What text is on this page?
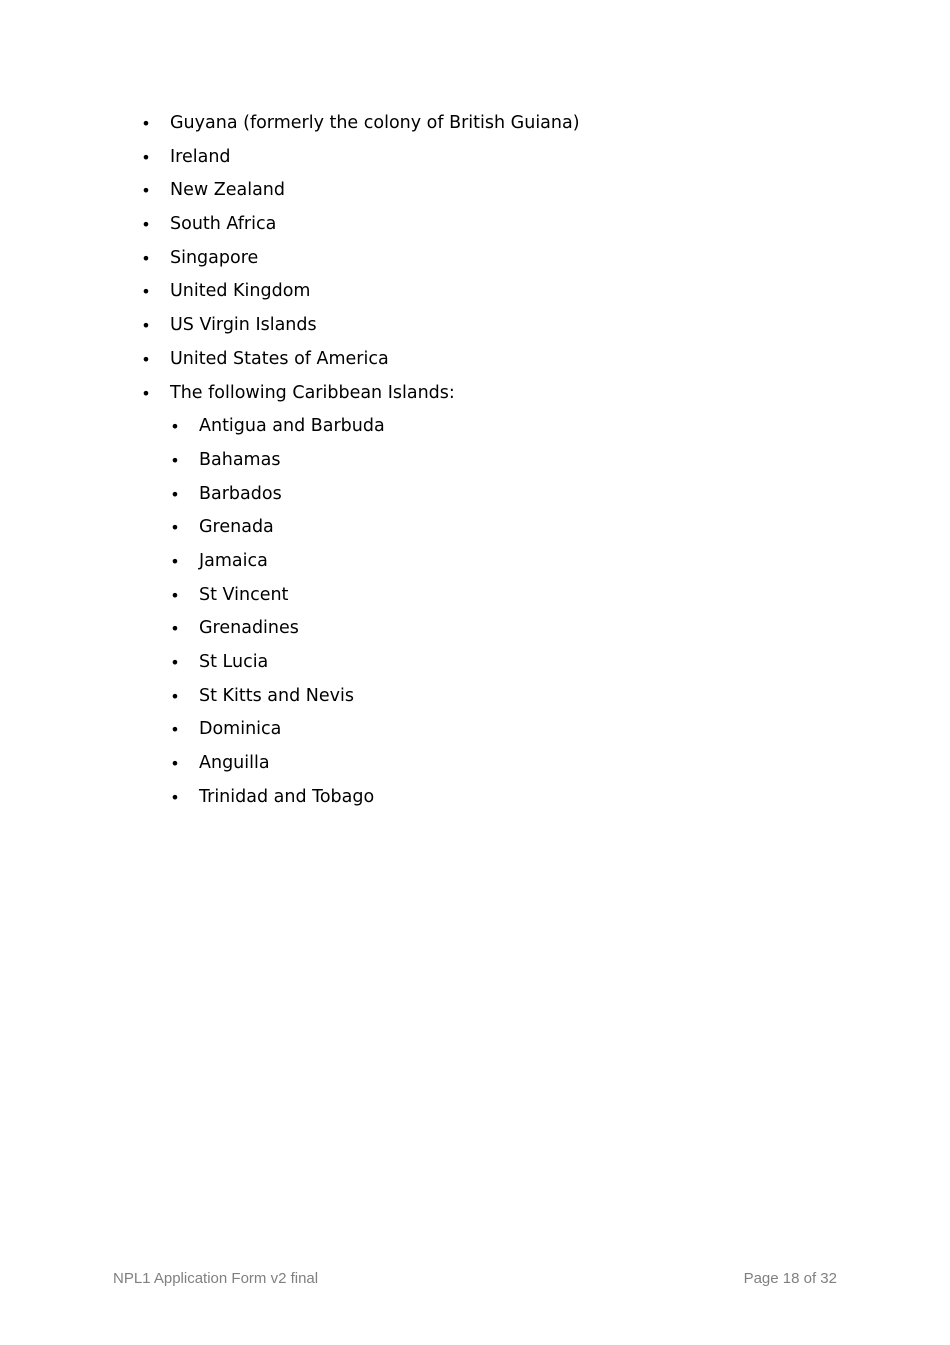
• Guyana (formerly the colony of British Guiana)
• Ireland
• New Zealand
• South Africa
• Singapore
• United Kingdom
• US Virgin Islands
• United States of America
• The following Caribbean Islands:
• Antigua and Barbuda
• Bahamas
• Barbados
• Grenada
• Jamaica
• St Vincent
• Grenadines
• St Lucia
• St Kitts and Nevis
• Dominica
• Anguilla
• Trinidad and Tobago
NPL1 Application Form v2 final	Page 18 of 32
